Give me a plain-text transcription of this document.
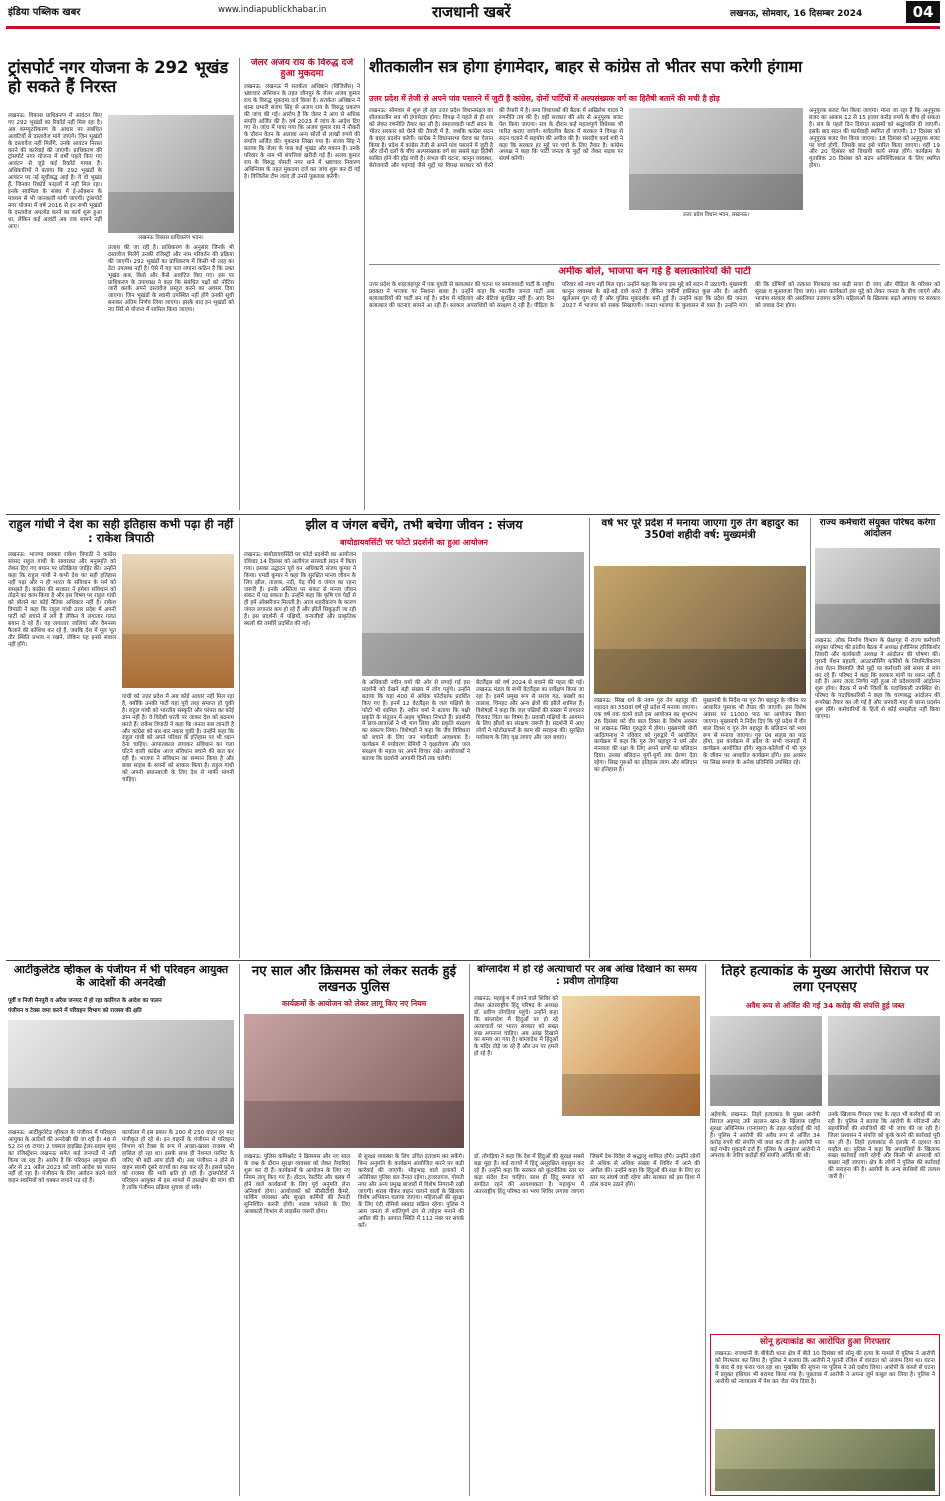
इंडिया पब्लिक खबर	www.indiapublickhabar.in	राजधानी खबरें	लखनऊ, सोमवार, 16 दिसम्बर 2024	04
ट्रांसपोर्ट नगर योजना के 292 भूखंड हो सकते हैं निरस्त
लखनऊ: विकास प्राधिकरण में आवंटन किए गए 292 भूखंडों का रिकॉर्ड नहीं मिल रहा है। अब कम्प्यूटरीकरण के आधार पर संबंधित आवंटियों से दस्तावेज मांगे जाएंगे। जिन भूखंडों के दस्तावेज नहीं मिलेंगे, उनके आवंटन निरस्त करने की कार्रवाई की जाएगी। प्राधिकरण की ट्रांसपोर्ट नगर योजना में वर्षों पहले किए गए आवंटन से जुड़े कई रिकॉर्ड गायब हैं। अधिकारियों ने बताया कि 292 भूखंडों के आवंटन पर नई सूचीबद्ध आई है। ये वो भूखंड हैं, जिनका रिकॉर्ड फाइलों में नहीं मिल रहा। इनके स्वामित्व के संबंध में ई-ऑक्शन के माध्यम से भी जानकारी मांगी जाएगी। ट्रांसपोर्ट नगर योजना में वर्ष 2016 से इन सभी भूखंडों के दस्तावेज अपलोड करने का कार्य शुरू हुआ था, लेकिन कई आवंटी अब तक सामने नहीं आए।
लखनऊ विकास प्राधिकरण भवन।
तलाश की जा रही है। प्राधिकरण के अनुसार जिनके भी दस्तावेज मिलेंगे उनकी रजिस्ट्री और नाम परिवर्तन की प्रक्रिया की जाएगी। 292 भूखंडों का प्राधिकरण में किसी भी तरह का डेटा उपलब्ध नहीं है। ऐसे में यह पता लगाना कठिन है कि उक्त भूखंड कब, किसे और कैसे आवंटित किए गए। इस पर प्राधिकरण के उपाध्यक्ष ने कहा कि संबंधित पक्षों को नोटिस जारी करके अपने दस्तावेज प्रस्तुत करने का अवसर दिया जाएगा। जिन भूखंडों के स्वामी उपस्थित नहीं होंगे उनकी सूची बनाकर अंतिम निर्णय लिया जाएगा। इसके बाद इन भूखंडों को नए सिरे से योजना में शामिल किया जाएगा।
जेलर अजय राय के विरुद्ध दर्ज हुआ मुकदमा
लखनऊ: लखनऊ में सतर्कता अधिष्ठान (विजिलेंस) ने भ्रष्टाचार अभियान के तहत जौनपुर के जेलर अजय कुमार राय के विरुद्ध मुकदमा दर्ज किया है। सतर्कता अधिष्ठान ने थाना प्रभारी संजय सिंह से अजय राय के विरुद्ध प्रकरण की जांच की गई। आरोप है कि जेलर ने आय से अधिक संपत्ति अर्जित की है। वर्ष 2023 में जांच के आदेश दिए गए थे। जांच में पाया गया कि अजय कुमार राय ने नौकरी के दौरान वेतन के अलावा अन्य स्रोतों से लाखों रुपये की संपत्ति अर्जित की। मुकदमा लिखा गया है। संजय सिंह ने बताया कि जेलर के पास कई भूखंड और मकान हैं। उनके परिवार के नाम भी संपत्तियां खरीदी गई हैं। अजय कुमार राय के विरुद्ध गोमती नगर थाने में भ्रष्टाचार निवारण अधिनियम के तहत मुकदमा दर्ज कर जांच शुरू कर दी गई है। विजिलेंस टीम जल्द ही उनसे पूछताछ करेगी।
शीतकालीन सत्र होगा हंगामेदार, बाहर से कांग्रेस तो भीतर सपा करेगी हंगामा
उत्तर प्रदेश में तेजी से अपने पांव पसारने में जुटी है कांग्रेस, दोनों पार्टियों में अल्पसंख्यक वर्ग का हितैषी बताने की मची है होड़
लखनऊ: सोमवार से शुरू हो रहा उत्तर प्रदेश विधानमंडल का शीतकालीन सत्र भी हंगामेदार होगा। विपक्ष ने पहले से ही सत्र को लेकर रणनीति तैयार कर ली है। समाजवादी पार्टी सदन के भीतर सरकार को घेरने की तैयारी में है, जबकि कांग्रेस सदन के बाहर प्रदर्शन करेगी। कांग्रेस ने विधानसभा घेराव का ऐलान किया है। प्रदेश में कांग्रेस तेजी से अपने पांव पसारने में जुटी है और दोनों दलों के बीच अल्पसंख्यक वर्ग का सबसे बड़ा हितैषी साबित होने की होड़ मची है। संभल की घटना, कानून व्यवस्था, बेरोजगारी और महंगाई जैसे मुद्दों पर विपक्ष सरकार को घेरने की तैयारी में है। सपा विधायकों की बैठक में अखिलेश यादव ने रणनीति तय की है। वहीं सरकार की ओर से अनुपूरक बजट पेश किया जाएगा। सत्र के दौरान कई महत्वपूर्ण विधेयक भी पारित कराए जाएंगे। सर्वदलीय बैठक में सरकार ने विपक्ष से सदन चलाने में सहयोग की अपील की है। संसदीय कार्य मंत्री ने कहा कि सरकार हर मुद्दे पर चर्चा के लिए तैयार है। कांग्रेस अध्यक्ष ने कहा कि पार्टी जनता के मुद्दों को लेकर सड़क पर संघर्ष करेगी।
उत्तर प्रदेश विधान भवन, लखनऊ।
अनुपूरक बजट पेश किया जाएगा। माना जा रहा है कि अनुपूरक बजट का आकार 12 से 15 हजार करोड़ रुपये के बीच हो सकता है। सत्र के पहले दिन दिवंगत सदस्यों को श्रद्धांजलि दी जाएगी। इसके बाद सदन की कार्यवाही स्थगित हो जाएगी। 17 दिसंबर को अनुपूरक बजट पेश किया जाएगा। 18 दिसंबर को अनुपूरक बजट पर चर्चा होगी, जिसके बाद इसे पारित किया जाएगा। वहीं 19 और 20 दिसंबर को विधायी कार्य संपन्न होंगे। कार्यक्रम के मुताबिक 20 दिसंबर को सदन अनिश्चितकाल के लिए स्थगित होगा।
अमीक बोले, भाजपा बन गई है बलात्कारियों की पार्टी
उत्तर प्रदेश के शाहजहांपुर में एक युवती से बलात्कार की घटना पर समाजवादी पार्टी के राष्ट्रीय प्रवक्ता ने भाजपा पर निशाना साधा है। उन्होंने कहा कि भारतीय जनता पार्टी अब बलात्कारियों की पार्टी बन गई है। प्रदेश में महिलाएं और बेटियां सुरक्षित नहीं हैं। आए दिन बलात्कार की घटनाएं सामने आ रही हैं। सरकार अपराधियों को संरक्षण दे रही है। पीड़िता के परिवार को न्याय नहीं मिल रहा। उन्होंने कहा कि सपा इस मुद्दे को सदन में उठाएगी। मुख्यमंत्री कानून व्यवस्था के बड़े-बड़े दावे करते हैं लेकिन जमीनी हकीकत कुछ और है। आरोपी खुलेआम घूम रहे हैं और पुलिस मूकदर्शक बनी हुई है। उन्होंने कहा कि प्रदेश की जनता 2027 में भाजपा को सबक सिखाएगी। जनता भाजपा के कुशासन से त्रस्त है। उन्होंने मांग की कि दोषियों को तत्काल गिरफ्तार कर कड़ी सजा दी जाए और पीड़िता के परिवार को सुरक्षा व मुआवजा दिया जाए। सपा कार्यकर्ता इस मुद्दे को लेकर जनता के बीच जाएंगे और भाजपा सरकार की असलियत उजागर करेंगे। महिलाओं के खिलाफ बढ़ते अपराध पर सरकार को जवाब देना होगा।
राहुल गांधी ने देश का सही इतिहास कभी पढ़ा ही नहीं : राकेश त्रिपाठी
लखनऊ: भाजपा प्रवक्ता राकेश त्रिपाठी ने कांग्रेस सांसद राहुल गांधी के सावरकर और मनुस्मृति को लेकर दिए गए बयान पर प्रतिक्रिया जाहिर की। उन्होंने कहा कि राहुल गांधी ने कभी देश का सही इतिहास नहीं पढ़ा और न ही भारत के संविधान के मर्म को समझते हैं। कांग्रेस की सरकार ने हमेशा संविधान को तोड़ने का काम किया है और इस विषय पर राहुल गांधी को बोलने का कोई नैतिक अधिकार नहीं है। राकेश त्रिपाठी ने कहा कि राहुल गांधी उत्तर प्रदेश में अपनी पार्टी को बचाने में लगे हैं लेकिन वे लगातार गलत बयान दे रहे हैं। यह लगातार जालियां और वैमनस्य फैलाने की कोशिश कर रहे हैं, जबकि देश में मूल भूत तौर स्थिति प्रभाव न रखने, लेकिन यह इनसे सवाल नहीं होंगे।
गांधी को उत्तर प्रदेश में अब कोई आधार नहीं मिल रहा है, क्योंकि उनकी पार्टी यहां पूरी तरह समाप्त हो चुकी है। राहुल गांधी को भारतीय संस्कृति और परंपरा का कोई ज्ञान नहीं है। वे विदेशी धरती पर जाकर देश को बदनाम करते हैं। राकेश त्रिपाठी ने कहा कि जनता सब जानती है और कांग्रेस को बार-बार नकार चुकी है। उन्होंने कहा कि राहुल गांधी को अपने परिवार के इतिहास पर भी ध्यान देना चाहिए। आपातकाल लगाकर संविधान का गला घोंटने वाली कांग्रेस आज संविधान बचाने की बात कर रही है। भाजपा ने संविधान का सम्मान किया है और बाबा साहब के सपनों को साकार किया है। राहुल गांधी को अपनी बयानबाजी के लिए देश से माफी मांगनी चाहिए।
झील व जंगल बचेंगे, तभी बचेगा जीवन : संजय
बायोडायवर्सिटी पर फोटो प्रदर्शनी का हुआ आयोजन
लखनऊ: बायोडायवर्सिटी पर फोटो प्रदर्शनी का आयोजन रविवार 14 दिसंबर को अलीगंज सरस्वती सदन में किया गया। इसका उद्घाटन पूर्व वन अधिकारी संजय कुमार ने किया। एमडी कुमार ने कहा कि सुरक्षित मानव जीवन के लिए झील, तालाब, नदी, पेड़ पौधे व जंगल का रहना जरूरी है। इनके अस्तित्व पर संकट से मानव जीवन संकट में पड़ सकता है। उन्होंने कहा कि कृषि एवं पेड़ों से ही हमें ऑक्सीजन मिलती है। आज शहरीकरण के कारण जंगल लगातार कम हो रहे हैं और झीलें सिकुड़ती जा रही हैं। इस प्रदर्शनी में पक्षियों, वन्यजीवों और प्राकृतिक स्थलों की तस्वीरें प्रदर्शित की गईं।
के अधिकारी नवीन वर्मा की ओर से लगाई गई इस प्रदर्शनी को देखने बड़ी संख्या में लोग पहुंचे। उन्होंने बताया कि यहां 400 से अधिक फोटोग्राफ प्रदर्शित किए गए हैं। इनमें 12 वेटलैंड्स के जल पक्षियों के फोटो भी शामिल हैं। नवीन वर्मा ने बताया कि पक्षी प्रकृति के संतुलन में अहम भूमिका निभाते हैं। प्रदर्शनी में छात्र-छात्राओं ने भी भाग लिया और प्रकृति संरक्षण का संकल्प लिया। विशेषज्ञों ने कहा कि जैव विविधता को बचाने के लिए जन भागीदारी आवश्यक है। कार्यक्रम में पर्यावरण प्रेमियों ने वृक्षारोपण और जल संरक्षण के महत्व पर अपने विचार रखे। आयोजकों ने बताया कि प्रदर्शनी आगामी दिनों तक चलेगी।
बेटलैंड्स को वर्ष 2024 से बचाने की पहल की गई। लखनऊ मंडल के सभी वेटलैंड्स का सर्वेक्षण किया जा रहा है। इसमें प्रमुख रूप से सराय गढ़, बख्शी का तालाब, चिनहट और अन्य क्षेत्रों की झीलें शामिल हैं। विशेषज्ञों ने कहा कि जल पक्षियों की संख्या में लगातार गिरावट चिंता का विषय है। प्रवासी पक्षियों के आगमन के लिए झीलों का संरक्षण जरूरी है। प्रदर्शनी में आए लोगों ने फोटोग्राफरों के काम की सराहना की। सुरक्षित पर्यावरण के लिए वृक्ष लगाएं और जल बचाएं।
वर्ष भर पूरे प्रदेश में मनाया जाएगा गुरु तेग बहादुर का 350वां शहीदी वर्ष: मुख्यमंत्री
लखनऊ: सिख धर्म के नवम गुरु तेग बहादुर की शहादत का 350वां वर्ष पूरे प्रदेश में मनाया जाएगा। एक वर्ष तक चलने वाले इस आयोजन का शुभारंभ 26 दिसंबर को वीर बाल दिवस के विशेष अवसर पर लखनऊ स्थित गुरुद्वारे में होगा। मुख्यमंत्री योगी आदित्यनाथ ने रविवार को गुरुद्वारे में आयोजित कार्यक्रम में कहा कि गुरु तेग बहादुर ने धर्म और मानवता की रक्षा के लिए अपने प्राणों का बलिदान दिया। उनका बलिदान युगों-युगों तक प्रेरणा देता रहेगा। सिख गुरुओं का इतिहास त्याग और बलिदान का इतिहास है।
मुख्यमंत्री के निर्देश पर गुरु तेग बहादुर के जीवन पर आधारित पुस्तक भी तैयार की जाएगी। इस विशेष अवसर पर 11000 पाठ का आयोजन किया जाएगा। मुख्यमंत्री ने निर्देश दिए कि पूरे प्रदेश में वीर बाल दिवस व गुरु तेग बहादुर के बलिदान को भव्य रूप से मनाया जाएगा। गुरु ग्रंथ साहब का पाठ होगा, इस कार्यक्रम में प्रदेश के सभी जनपदों में कार्यक्रम आयोजित होंगे। स्कूल-कॉलेजों में भी गुरु के जीवन पर आधारित कार्यक्रम होंगे। इस अवसर पर सिख समाज के अनेक प्रतिनिधि उपस्थित रहे।
राज्य कर्मचारी संयुक्त परिषद करेगा आंदोलन
लखनऊ: लोक निर्माण विभाग के प्रेक्षागृह में राज्य कर्मचारी संयुक्त परिषद की प्रांतीय बैठक में अध्यक्ष इंजीनियर हरिकिशोर तिवारी और कार्यकारी अध्यक्ष ने आंदोलन की घोषणा की। पुरानी पेंशन बहाली, आउटसोर्सिंग कर्मियों के नियमितीकरण तथा वेतन विसंगति जैसे मुद्दों पर कर्मचारी लंबे समय से मांग कर रहे हैं। परिषद ने कहा कि सरकार मांगों पर ध्यान नहीं दे रही है। अगर जल्द निर्णय नहीं हुआ तो प्रदेशव्यापी आंदोलन शुरू होगा। बैठक में सभी जिलों के पदाधिकारी उपस्थित थे। परिषद के पदाधिकारियों ने कहा कि चरणबद्ध आंदोलन की रूपरेखा तैयार कर ली गई है और जनवरी माह से धरना प्रदर्शन शुरू होंगे। कर्मचारियों के हितों से कोई समझौता नहीं किया जाएगा।
आर्टीकुलेटेड व्हीकल के पंजीयन में भी परिवहन आयुक्त के आदेशों की अनदेखी
पूर्वी व निजी मैनपुरी व अरैया जनपद में हो रहा कारिंगत के आदेश का पालन
पंजीयन व टेक्स जमा करने में परिवहन विभाग को राजस्व की क्षति
लखनऊ: आर्टीकुलेटेड व्हीकल के पंजीयन में परिवहन आयुक्त के आदेशों की अनदेखी की जा रही है। 48 से 52 टन (6 टायर) 2 एक्सल हाइब्रिड ट्रेलर-प्राइम मूवर का रजिस्ट्रेशन लखनऊ समेत कई जनपदों में नहीं किया जा रहा है। आरोप है कि परिवहन आयुक्त की ओर से 21 अप्रैल 2023 को जारी आदेश का पालन नहीं हो रहा है। पंजीयन के लिए आवेदन करने वाले वाहन स्वामियों को चक्कर लगाने पड़ रहे हैं।
कार्यालय में इस प्रकार के 200 से 250 वाहन हर माह पंजीकृत हो रहे थे। इन वाहनों के पंजीयन से परिवहन विभाग को टैक्स के रूप में अच्छा-खासा राजस्व भी हासिल हो रहा था। इसके साथ ही नेशनल परमिट के जरिए भी बड़ी आय होती थी। अब पंजीयन न होने से वाहन स्वामी दूसरे राज्यों का रुख कर रहे हैं। इससे प्रदेश को राजस्व की भारी क्षति हो रही है। ट्रांसपोर्टरों ने परिवहन आयुक्त से इस मामले में हस्तक्षेप की मांग की है ताकि पंजीयन प्रक्रिया सुचारु हो सके।
नए साल और क्रिसमस को लेकर सतर्क हुई लखनऊ पुलिस
कार्यक्रमों के आयोजन को लेकर लागू किए नए नियम
लखनऊ: पुलिस कमिश्नरेट ने क्रिसमस और नए साल के जश्न के दौरान सुरक्षा व्यवस्था को लेकर तैयारियां शुरू कर दी हैं। कार्यक्रमों के आयोजन के लिए नए नियम लागू किए गए हैं। होटल, रेस्टोरेंट और क्लब में होने वाले कार्यक्रमों के लिए पूर्व अनुमति लेना अनिवार्य होगा। आयोजकों को सीसीटीवी कैमरे, पार्किंग व्यवस्था और सुरक्षा कर्मियों की तैनाती सुनिश्चित करनी होगी। शराब परोसने के लिए आबकारी विभाग से लाइसेंस जरूरी होगा।
से सुरक्षा व्यवस्था के लिए उचित इंतजाम कर सकेंगे। बिना अनुमति के कार्यक्रम आयोजित करने पर कड़ी कार्रवाई की जाएगी। भीड़भाड़ वाले इलाकों में अतिरिक्त पुलिस बल तैनात रहेगा। हजरतगंज, गोमती नगर और अन्य प्रमुख बाजारों में विशेष निगरानी रखी जाएगी। शराब पीकर वाहन चलाने वालों के खिलाफ विशेष अभियान चलाया जाएगा। महिलाओं की सुरक्षा के लिए एंटी रोमियो स्क्वाड सक्रिय रहेगा। पुलिस ने आम जनता से शांतिपूर्ण ढंग से त्योहार मनाने की अपील की है। आपात स्थिति में 112 नंबर पर संपर्क करें।
बांग्लादेश में हो रहे अत्याचारों पर अब आंख दिखाने का समय : प्रवीण तोगड़िया
लखनऊ: महाकुंभ में लगने वाले शिविर को लेकर अंतरराष्ट्रीय हिंदू परिषद के अध्यक्ष डॉ. प्रवीण तोगड़िया पहुंचे। उन्होंने कहा कि बांग्लादेश में हिंदुओं पर हो रहे अत्याचारों पर भारत सरकार को सख्त रुख अपनाना चाहिए। अब आंख दिखाने का समय आ गया है। बांग्लादेश में हिंदुओं के मंदिर तोड़े जा रहे हैं और उन पर हमले हो रहे हैं।
डॉ. तोगड़िया ने कहा कि देश में हिंदुओं की सुरक्षा सबसे बड़ा मुद्दा है। कई राज्यों में हिंदू असुरक्षित महसूस कर रहे हैं। उन्होंने कहा कि सरकार को कूटनीतिक स्तर पर कड़ा संदेश देना चाहिए। साथ ही हिंदू समाज को संगठित रहने की आवश्यकता है। महाकुंभ में अंतरराष्ट्रीय हिंदू परिषद का भव्य शिविर लगाया जाएगा जिसमें देश-विदेश से श्रद्धालु शामिल होंगे। उन्होंने लोगों से अधिक से अधिक संख्या में शिविर में आने की अपील की। उन्होंने कहा कि हिंदुओं की रक्षा के लिए हर स्तर पर संघर्ष जारी रहेगा और सरकार को इस दिशा में ठोस कदम उठाने होंगे।
तिहरे हत्याकांड के मुख्य आरोपी सिराज पर लगा एनएसए
अवैध रूप से अर्जित की गई 34 करोड़ की संपत्ति हुई जब्त
अईयाके, लखनऊ: तिहरे हत्याकांड के मुख्य आरोपी सिराज अहमद उर्फ सल्लन खान के खिलाफ राष्ट्रीय सुरक्षा अधिनियम (एनएसए) के तहत कार्रवाई की गई है। पुलिस ने आरोपी की अवैध रूप से अर्जित 34 करोड़ रुपये की संपत्ति भी जब्त कर ली है। आरोपी पर कई गंभीर मुकदमे दर्ज हैं। पुलिस के अनुसार आरोपी ने अपराध के जरिए करोड़ों की संपत्ति अर्जित की थी।
उनके खिलाफ गैंगस्टर एक्ट के तहत भी कार्रवाई की जा रही है। पुलिस ने बताया कि आरोपी के परिजनों और सहयोगियों की संपत्तियों की भी जांच की जा रही है। जिला प्रशासन ने संपत्ति को कुर्क करने की कार्रवाई पूरी कर ली है। तिहरे हत्याकांड से इलाके में दहशत का माहौल था। पुलिस ने कहा कि अपराधियों के खिलाफ सख्त कार्रवाई जारी रहेगी और किसी भी अपराधी को बख्शा नहीं जाएगा। क्षेत्र के लोगों ने पुलिस की कार्रवाई की सराहना की है। आरोपी के अन्य साथियों की तलाश जारी है।
सोनू हत्याकांड का आरोपित हुआ गिरफ्तार
लखनऊ: राजधानी के बीकेटी थाना क्षेत्र में बीते 10 दिसंबर को सोनू की हत्या के मामले में पुलिस ने आरोपी को गिरफ्तार कर लिया है। पुलिस ने बताया कि आरोपी ने पुरानी रंजिश में वारदात को अंजाम दिया था। घटना के बाद से वह फरार चल रहा था। मुखबिर की सूचना पर पुलिस ने उसे दबोच लिया। आरोपी के कब्जे से घटना में प्रयुक्त हथियार भी बरामद किया गया है। पूछताछ में आरोपी ने अपना जुर्म कबूल कर लिया है। पुलिस ने आरोपी को न्यायालय में पेश कर जेल भेज दिया है।
